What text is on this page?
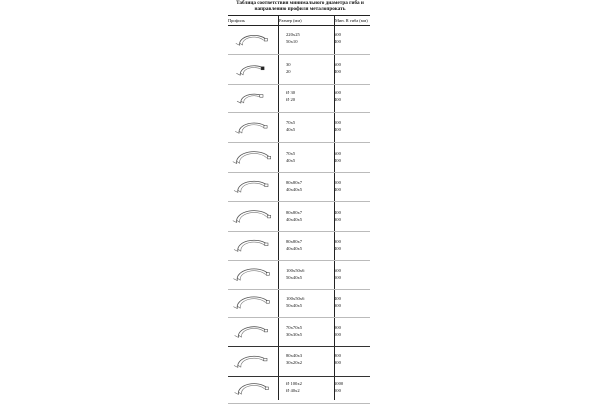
Таблица соответствия минимального диаметра гиба и
направлению профиля металопрокать
Профиль	Размер (мм)	Мин. R гиба (мм)
220x25
50x10
600
400
30
20
600
400
Ø 30
Ø 20
600
400
70x5
40x5
500
400
70x5
40x5
600
400
80x80x7
40x40x5
500
400
80x80x7
40x40x5
400
300
80x80x7
40x40x5
300
400
100x50x6
50x40x5
600
500
100x50x6
50x40x5
400
300
70x70x5
30x30x5
900
500
80x40x3
30x20x2
800
300
Ø 100x2
Ø 40x2
1000
500
